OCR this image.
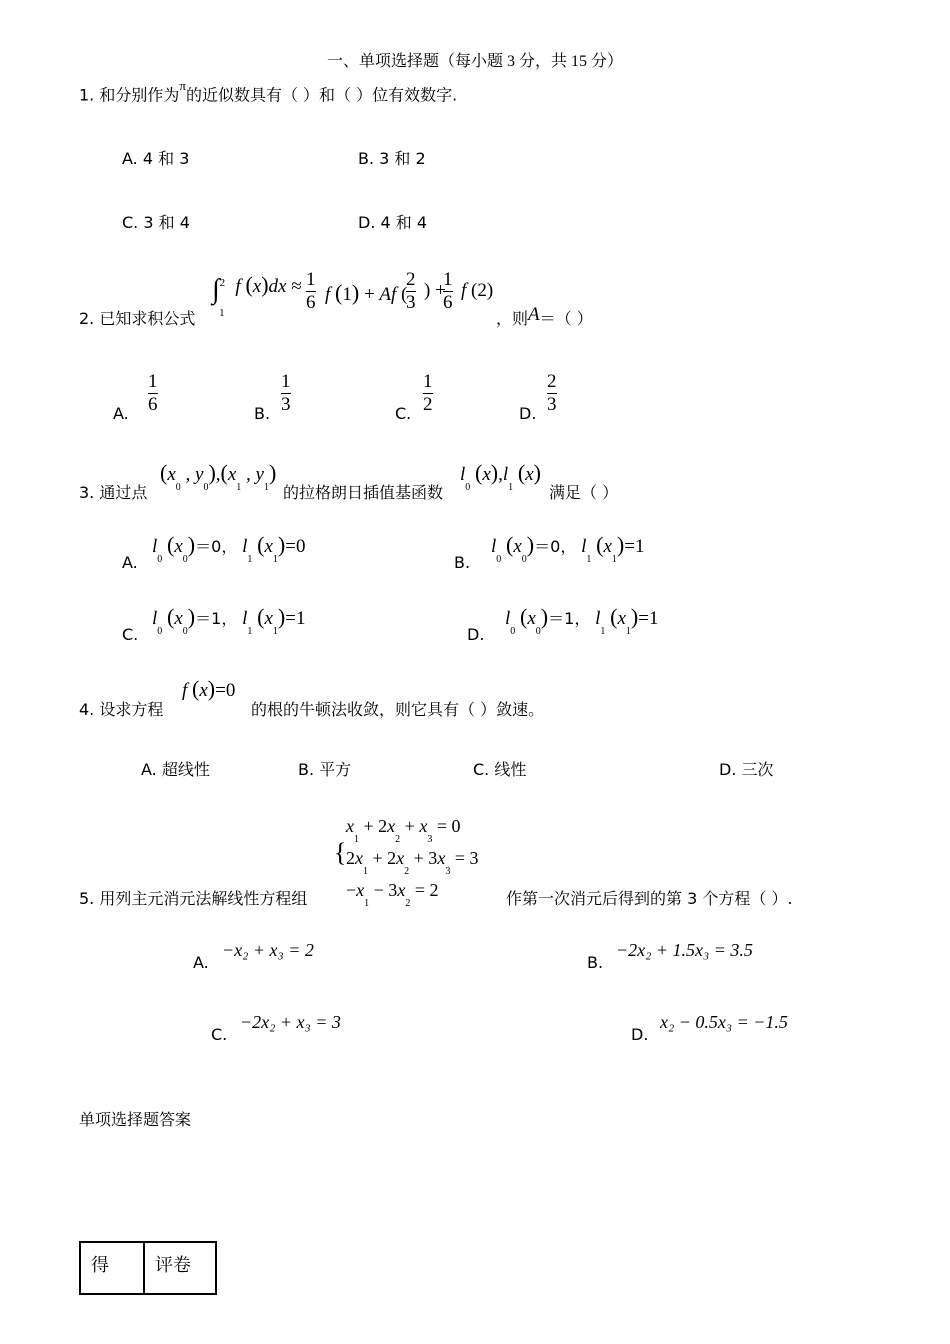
一、单项选择题（每小题 3 分，共 15 分）
1. 和分别作为$^\pi$的近似数具有（ ）和（ ）位有效数字.
A. 4 和 3	B. 3 和 2
C. 3 和 4	D. 4 和 4
2. 已知求积公式
∫$^2_1$ f (x)dx ≈ 1
6 f (1) + Af (
2
3
) +
1
6
f (2)
，则A＝（ ）
A.
1
6	B.
1
3	C.
1
2	D.
2
3
3. 通过点
($x_0$ , $y_0),(x_1$ , $y_1$)
的拉格朗日插值基函数
$l_0$ $(x),l_1$ (x)
满足（ ）
A.
$l_0$ $(x_0)=0$， $l_1$ $(x_1)=0$
B.
$l_0$ $(x_0)=0$， $l_1$ $(x_1)=1$
C.
$l_0$ $(x_0)=1$， $l_1$ $(x_1)=1$
D.
$l_0$ $(x_0)=1$， $l_1$ $(x_1)=1$
4. 设求方程
f (x)=0
的根的牛顿法收敛，则它具有（ ）敛速。
A. 超线性	B. 平方	C. 线性	D. 三次
5. 用列主元消元法解线性方程组
{
$x_1 + 2x_2 + x_3 = 0$
$2x_1 + 2x_2 + 3x_3 = 3$
$-x_1 - 3x_2 = 2$	作第一次消元后得到的第 3 个方程（ ）.
A.
−x₂ + x₃ = 2
B.
−2x₂ + 1.5x₃ = 3.5
C.
−2x₂ + x₃ = 3
D.
x₂ − 0.5x₃ = −1.5
单项选择题答案
得	评卷
